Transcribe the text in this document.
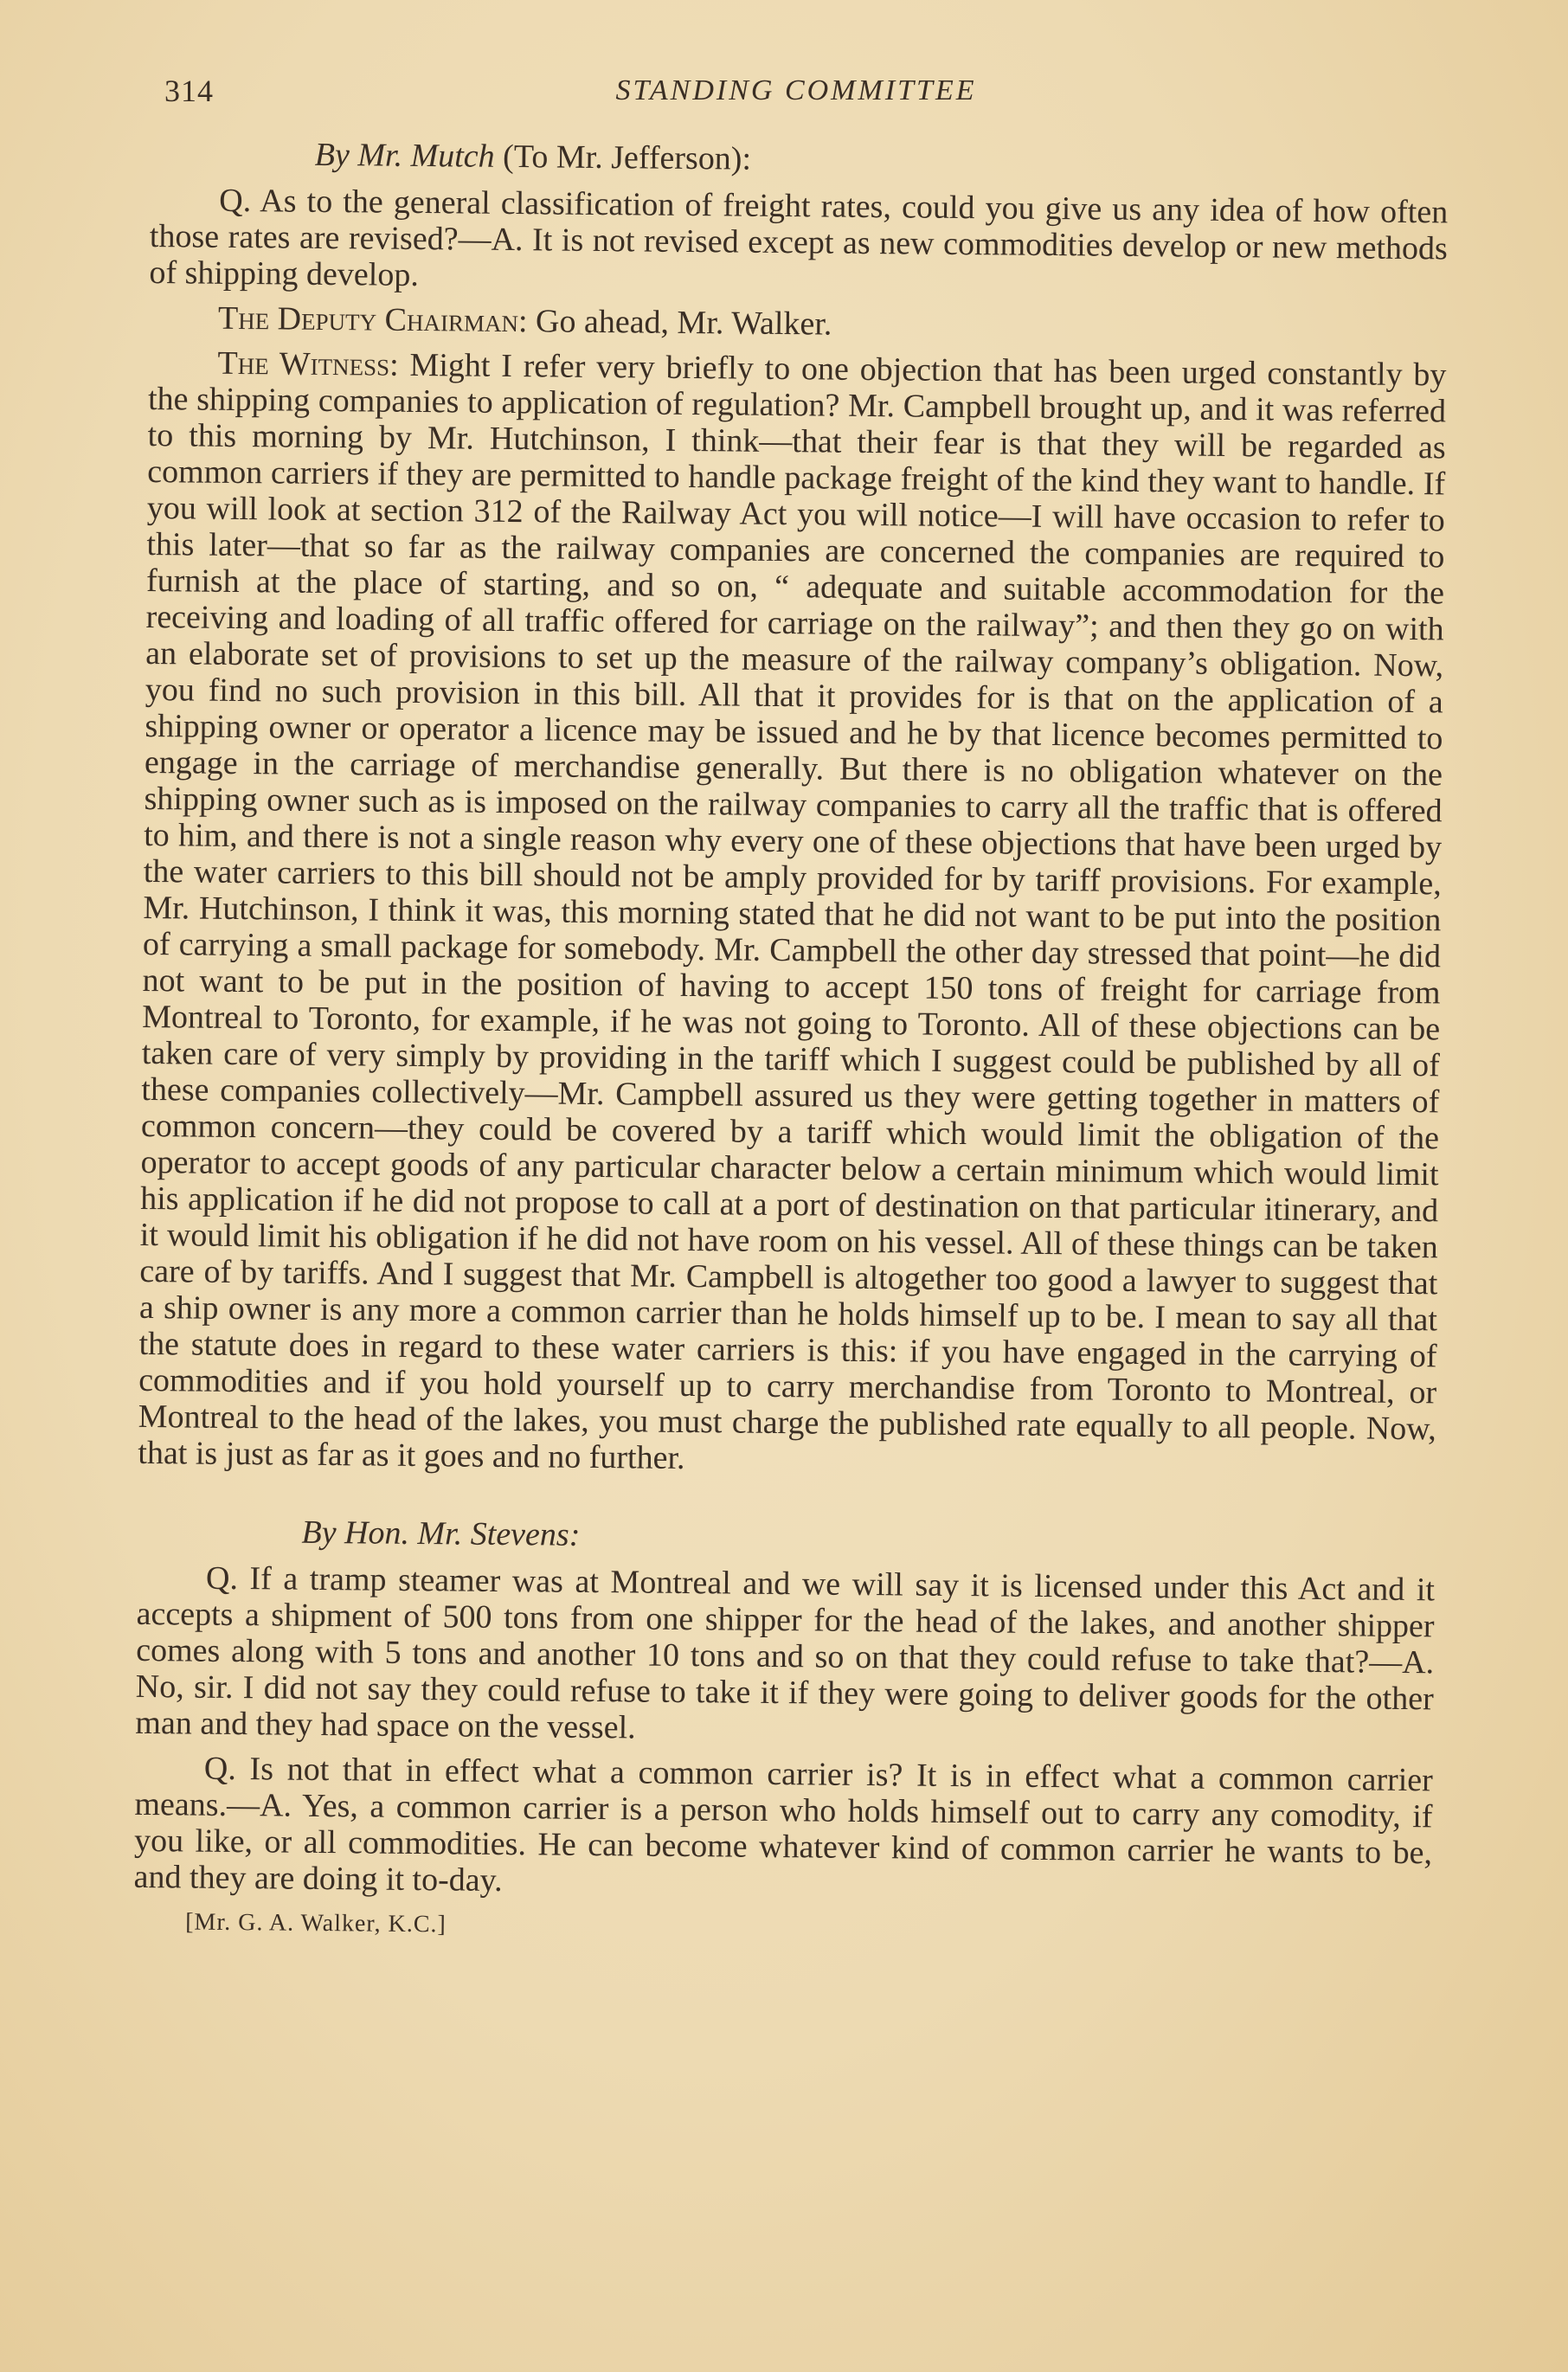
314	STANDING COMMITTEE
By Mr. Mutch (To Mr. Jefferson):

Q. As to the general classification of freight rates, could you give us any idea of how often those rates are revised?—A. It is not revised except as new commodities develop or new methods of shipping develop.

The Deputy Chairman: Go ahead, Mr. Walker.

The Witness: Might I refer very briefly to one objection that has been urged constantly by the shipping companies to application of regulation? Mr. Campbell brought up, and it was referred to this morning by Mr. Hutchinson, I think—that their fear is that they will be regarded as common carriers if they are permitted to handle package freight of the kind they want to handle. If you will look at section 312 of the Railway Act you will notice—I will have occasion to refer to this later—that so far as the railway companies are concerned the companies are required to furnish at the place of starting, and so on, “ adequate and suitable accommodation for the receiving and loading of all traffic offered for carriage on the railway”; and then they go on with an elaborate set of provisions to set up the measure of the railway company’s obligation. Now, you find no such provision in this bill. All that it provides for is that on the application of a shipping owner or operator a licence may be issued and he by that licence becomes permitted to engage in the carriage of merchandise generally. But there is no obligation whatever on the shipping owner such as is imposed on the railway companies to carry all the traffic that is offered to him, and there is not a single reason why every one of these objections that have been urged by the water carriers to this bill should not be amply provided for by tariff provisions. For example, Mr. Hutchinson, I think it was, this morning stated that he did not want to be put into the position of carrying a small package for somebody. Mr. Campbell the other day stressed that point—he did not want to be put in the position of having to accept 150 tons of freight for carriage from Montreal to Toronto, for example, if he was not going to Toronto. All of these objections can be taken care of very simply by providing in the tariff which I suggest could be published by all of these companies collectively—Mr. Campbell assured us they were getting together in matters of common concern—they could be covered by a tariff which would limit the obligation of the operator to accept goods of any particular character below a certain minimum which would limit his application if he did not propose to call at a port of destination on that particular itinerary, and it would limit his obligation if he did not have room on his vessel. All of these things can be taken care of by tariffs. And I suggest that Mr. Campbell is altogether too good a lawyer to suggest that a ship owner is any more a common carrier than he holds himself up to be. I mean to say all that the statute does in regard to these water carriers is this: if you have engaged in the carrying of commodities and if you hold yourself up to carry merchandise from Toronto to Montreal, or Montreal to the head of the lakes, you must charge the published rate equally to all people. Now, that is just as far as it goes and no further.

By Hon. Mr. Stevens:

Q. If a tramp steamer was at Montreal and we will say it is licensed under this Act and it accepts a shipment of 500 tons from one shipper for the head of the lakes, and another shipper comes along with 5 tons and another 10 tons and so on that they could refuse to take that?—A. No, sir. I did not say they could refuse to take it if they were going to deliver goods for the other man and they had space on the vessel.

Q. Is not that in effect what a common carrier is? It is in effect what a common carrier means.—A. Yes, a common carrier is a person who holds himself out to carry any comodity, if you like, or all commodities. He can become whatever kind of common carrier he wants to be, and they are doing it to-day.

[Mr. G. A. Walker, K.C.]
